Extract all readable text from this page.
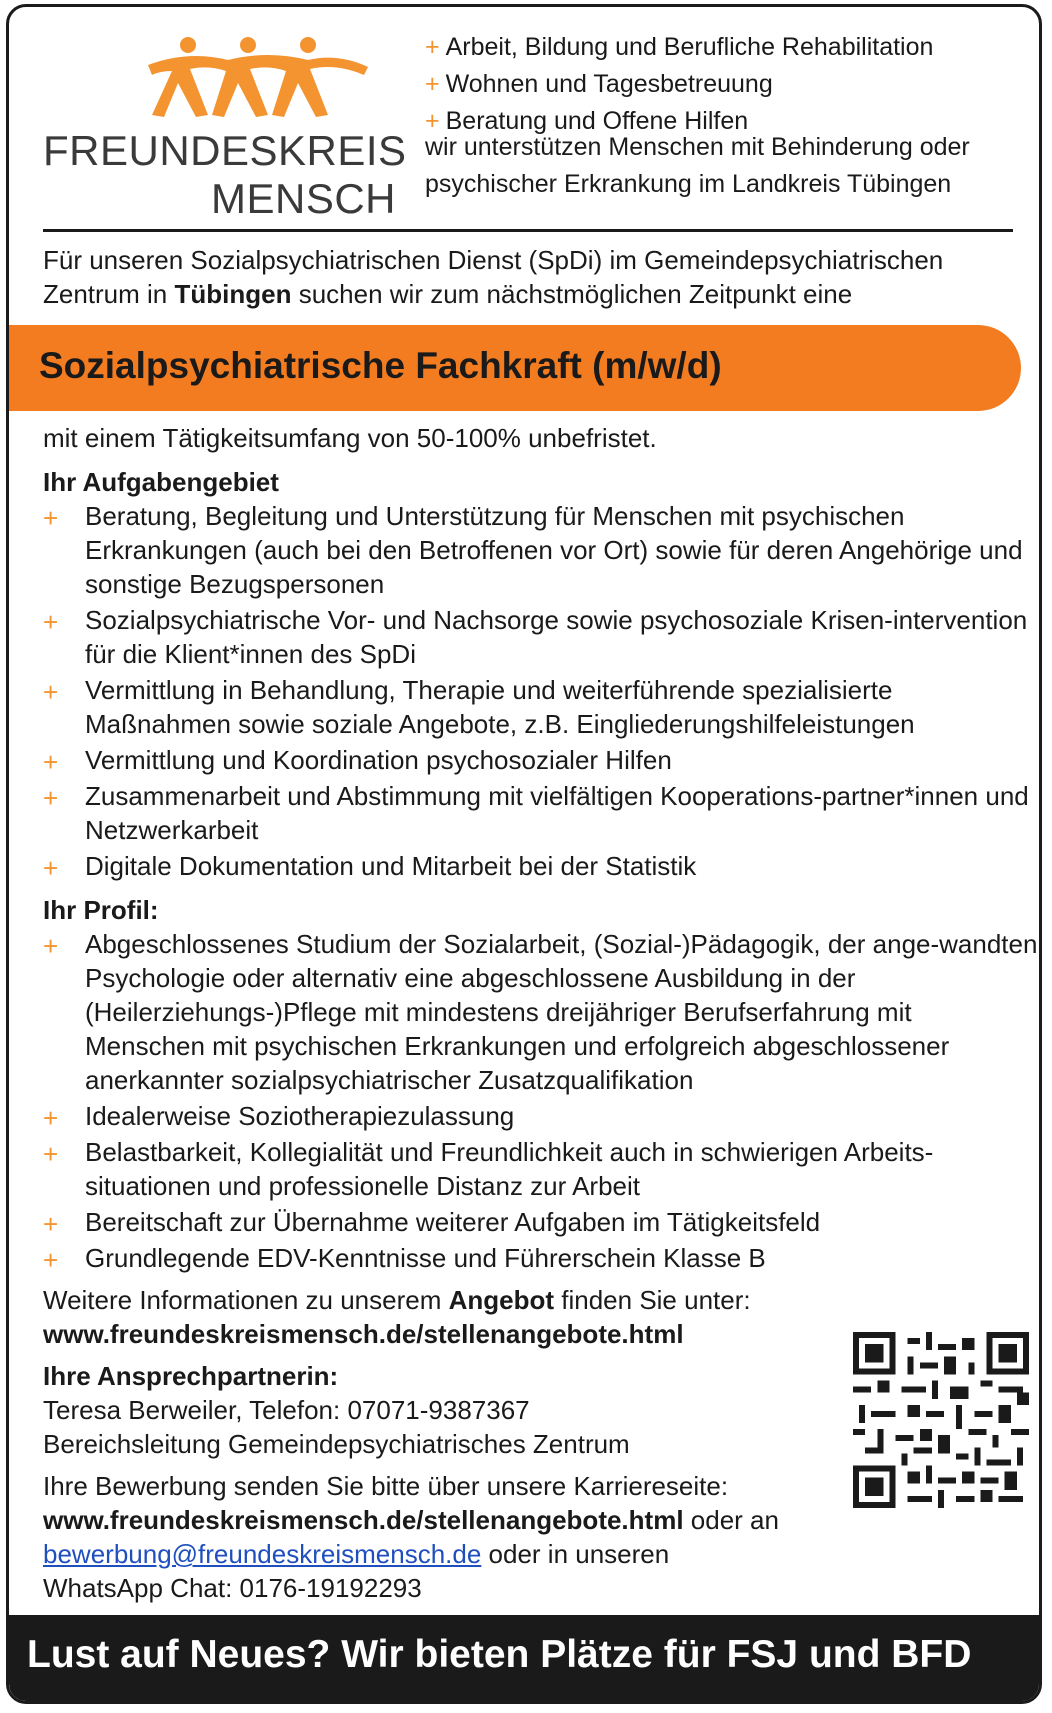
FREUNDESKREIS
MENSCH
+ Arbeit, Bildung und Berufliche Rehabilitation
+ Wohnen und Tagesbetreuung
+ Beratung und Offene Hilfen
wir unterstützen Menschen mit Behinderung oder
psychischer Erkrankung im Landkreis Tübingen
Für unseren Sozialpsychiatrischen Dienst (SpDi) im Gemeindepsychiatrischen Zentrum in Tübingen suchen wir zum nächstmöglichen Zeitpunkt eine
Sozialpsychiatrische Fachkraft (m/w/d)

mit einem Tätigkeitsumfang von 50-100% unbefristet.

Ihr Aufgabengebiet

+ Beratung, Begleitung und Unterstützung für Menschen mit psychischen Erkrankungen (auch bei den Betroffenen vor Ort) sowie für deren Angehörige und sonstige Bezugspersonen
+ Sozialpsychiatrische Vor- und Nachsorge sowie psychosoziale Krisen-intervention für die Klient*innen des SpDi
+ Vermittlung in Behandlung, Therapie und weiterführende spezialisierte Maßnahmen sowie soziale Angebote, z.B. Eingliederungshilfeleistungen
+ Vermittlung und Koordination psychosozialer Hilfen
+ Zusammenarbeit und Abstimmung mit vielfältigen Kooperations-partner*innen und Netzwerkarbeit
+ Digitale Dokumentation und Mitarbeit bei der Statistik

Ihr Profil:

+ Abgeschlossenes Studium der Sozialarbeit, (Sozial-)Pädagogik, der ange-wandten Psychologie oder alternativ eine abgeschlossene Ausbildung in der (Heilerziehungs-)Pflege mit mindestens dreijähriger Berufserfahrung mit Menschen mit psychischen Erkrankungen und erfolgreich abgeschlossener anerkannter sozialpsychiatrischer Zusatzqualifikation
+ Idealerweise Soziotherapiezulassung
+ Belastbarkeit, Kollegialität und Freundlichkeit auch in schwierigen Arbeits-situationen und professionelle Distanz zur Arbeit
+ Bereitschaft zur Übernahme weiterer Aufgaben im Tätigkeitsfeld
+ Grundlegende EDV-Kenntnisse und Führerschein Klasse B

Weitere Informationen zu unserem Angebot finden Sie unter:

www.freundeskreismensch.de/stellenangebote.html

Ihre Ansprechpartnerin:

Teresa Berweiler, Telefon: 07071-9387367

Bereichsleitung Gemeindepsychiatrisches Zentrum

Ihre Bewerbung senden Sie bitte über unsere Karriereseite:

www.freundeskreismensch.de/stellenangebote.html oder an

bewerbung@freundeskreismensch.de oder in unseren

WhatsApp Chat: 0176-19192293

Lust auf Neues? Wir bieten Plätze für FSJ und BFD
